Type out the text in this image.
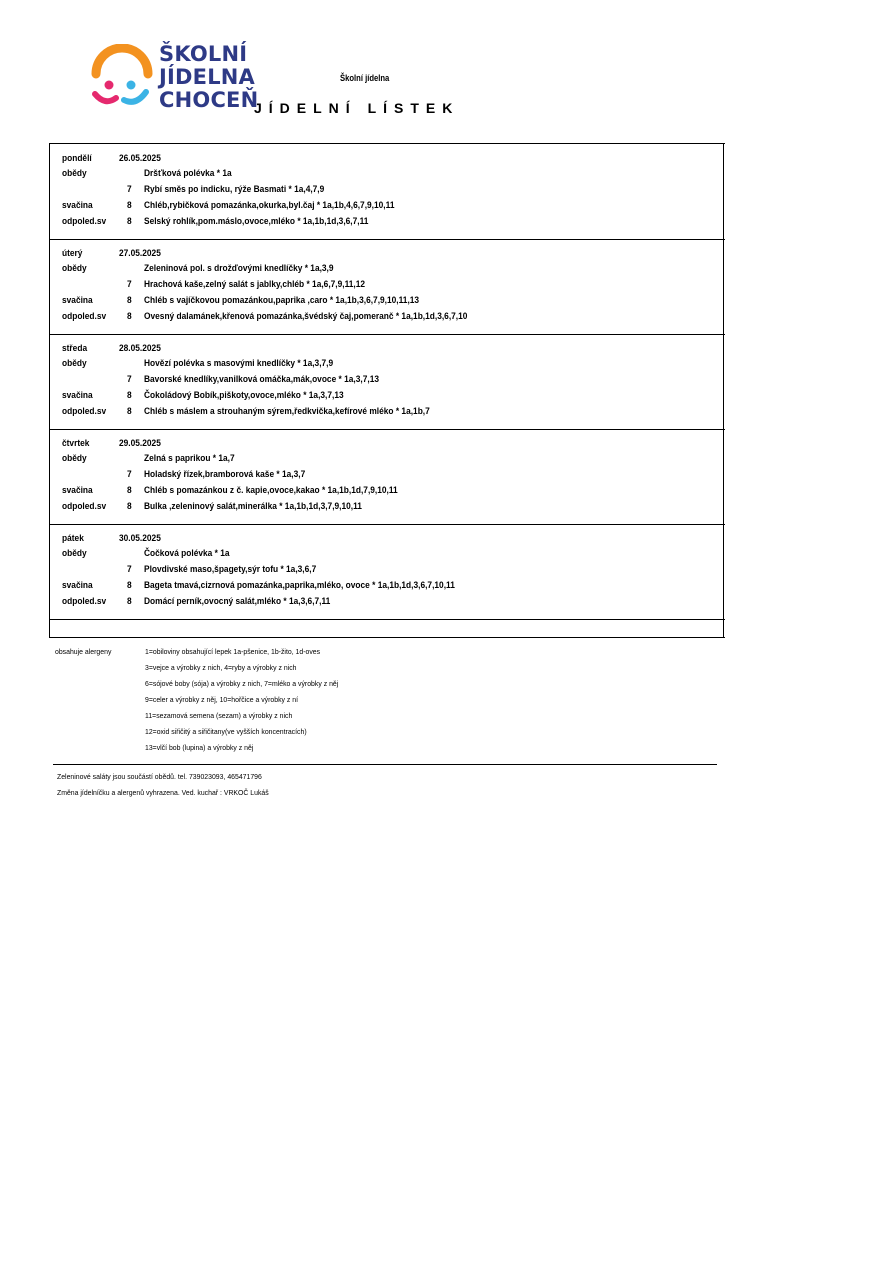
ŠKOLNÍ
JÍDELNA
CHOCEŇ
Školní jídelna
JÍDELNÍ LÍSTEK
pondělí	26.05.2025
obědy	Dršťková polévka * 1a
7 Rybí směs po indicku, rýže Basmati * 1a,4,7,9
svačina	8 Chléb,rybičková pomazánka,okurka,byl.čaj * 1a,1b,4,6,7,9,10,11
odpoled.sv 8 Selský rohlík,pom.máslo,ovoce,mléko * 1a,1b,1d,3,6,7,11
úterý	27.05.2025
obědy	Zeleninová pol. s drožďovými knedlíčky * 1a,3,9
7 Hrachová kaše,zelný salát s jablky,chléb * 1a,6,7,9,11,12
svačina	8 Chléb s vajíčkovou pomazánkou,paprika ,caro * 1a,1b,3,6,7,9,10,11,13
odpoled.sv 8 Ovesný dalamánek,křenová pomazánka,švédský čaj,pomeranč * 1a,1b,1d,3,6,7,10
středa	28.05.2025
obědy	Hovězí polévka s masovými knedlíčky * 1a,3,7,9
7 Bavorské knedlíky,vanilková omáčka,mák,ovoce * 1a,3,7,13
svačina	8 Čokoládový Bobík,piškoty,ovoce,mléko * 1a,3,7,13
odpoled.sv 8 Chléb s máslem a strouhaným sýrem,ředkvička,kefírové mléko * 1a,1b,7
čtvrtek	29.05.2025
obědy	Zelná s paprikou * 1a,7
7 Holadský řízek,bramborová kaše * 1a,3,7
svačina	8 Chléb s pomazánkou z č. kapie,ovoce,kakao * 1a,1b,1d,7,9,10,11
odpoled.sv 8 Bulka ,zeleninový salát,minerálka * 1a,1b,1d,3,7,9,10,11
pátek	30.05.2025
obědy	Čočková polévka * 1a
7 Plovdivské maso,špagety,sýr tofu * 1a,3,6,7
svačina	8 Bageta tmavá,cizrnová pomazánka,paprika,mléko, ovoce * 1a,1b,1d,3,6,7,10,11
odpoled.sv 8 Domácí perník,ovocný salát,mléko * 1a,3,6,7,11
obsahuje alergeny	1=obiloviny obsahující lepek 1a-pšenice, 1b-žito, 1d-oves
3=vejce a výrobky z nich, 4=ryby a výrobky z nich
6=sójové boby (sója) a výrobky z nich, 7=mléko a výrobky z něj
9=celer a výrobky z něj, 10=hořčice a výrobky z ní
11=sezamová semena (sezam) a výrobky z nich
12=oxid siřičitý a siřičitany(ve vyšších koncentracích)
13=vlčí bob (lupina) a výrobky z něj
Zeleninové saláty jsou součástí obědů. tel. 739023093, 465471796
Změna jídelníčku a alergenů vyhrazena. Ved. kuchař : VRKOČ Lukáš
